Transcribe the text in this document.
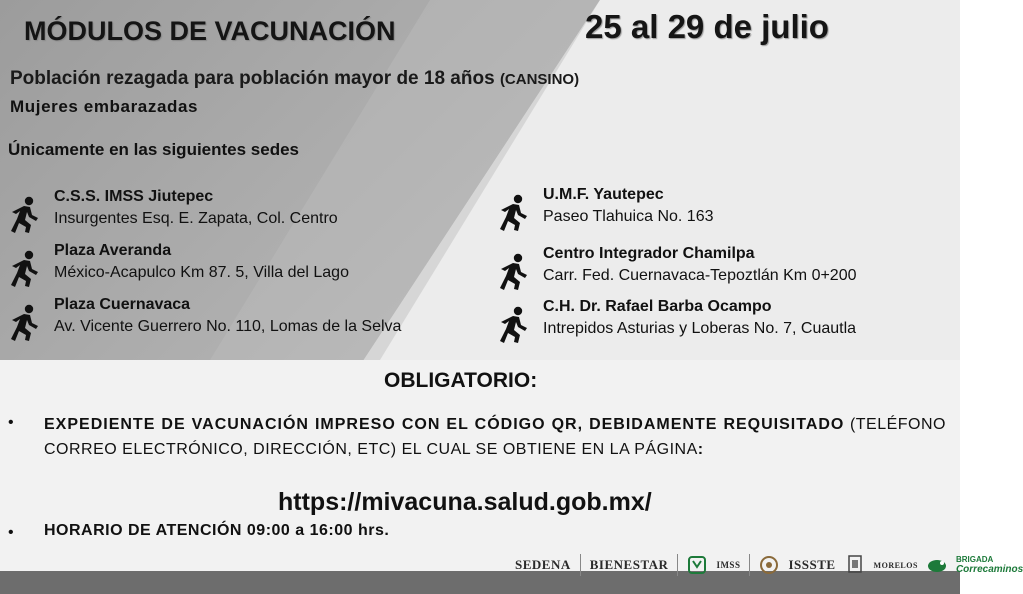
MÓDULOS DE VACUNACIÓN	25 al 29 de julio
Población rezagada para población mayor de 18 años (CANSINO)
Mujeres embarazadas
Únicamente en las siguientes sedes
C.S.S. IMSS Jiutepec
Insurgentes Esq. E. Zapata, Col. Centro
Plaza Averanda
México-Acapulco Km 87. 5, Villa del Lago
Plaza Cuernavaca
Av. Vicente Guerrero No. 110, Lomas de la Selva
U.M.F. Yautepec
Paseo Tlahuica No. 163
Centro Integrador Chamilpa
Carr. Fed. Cuernavaca-Tepoztlán Km 0+200
C.H. Dr. Rafael Barba Ocampo
Intrepidos Asturias y Loberas No. 7, Cuautla
OBLIGATORIO:
• EXPEDIENTE DE VACUNACIÓN IMPRESO CON EL CÓDIGO QR, DEBIDAMENTE REQUISITADO (TELÉFONO CORREO ELECTRÓNICO, DIRECCIÓN, ETC) EL CUAL SE OBTIENE EN LA PÁGINA:
https://mivacuna.salud.gob.mx/
• HORARIO DE ATENCIÓN 09:00 a 16:00 hrs.
SEDENA BIENESTAR	IMSS	ISSSTE	MORELOS
BRIGADA
Correcaminos
